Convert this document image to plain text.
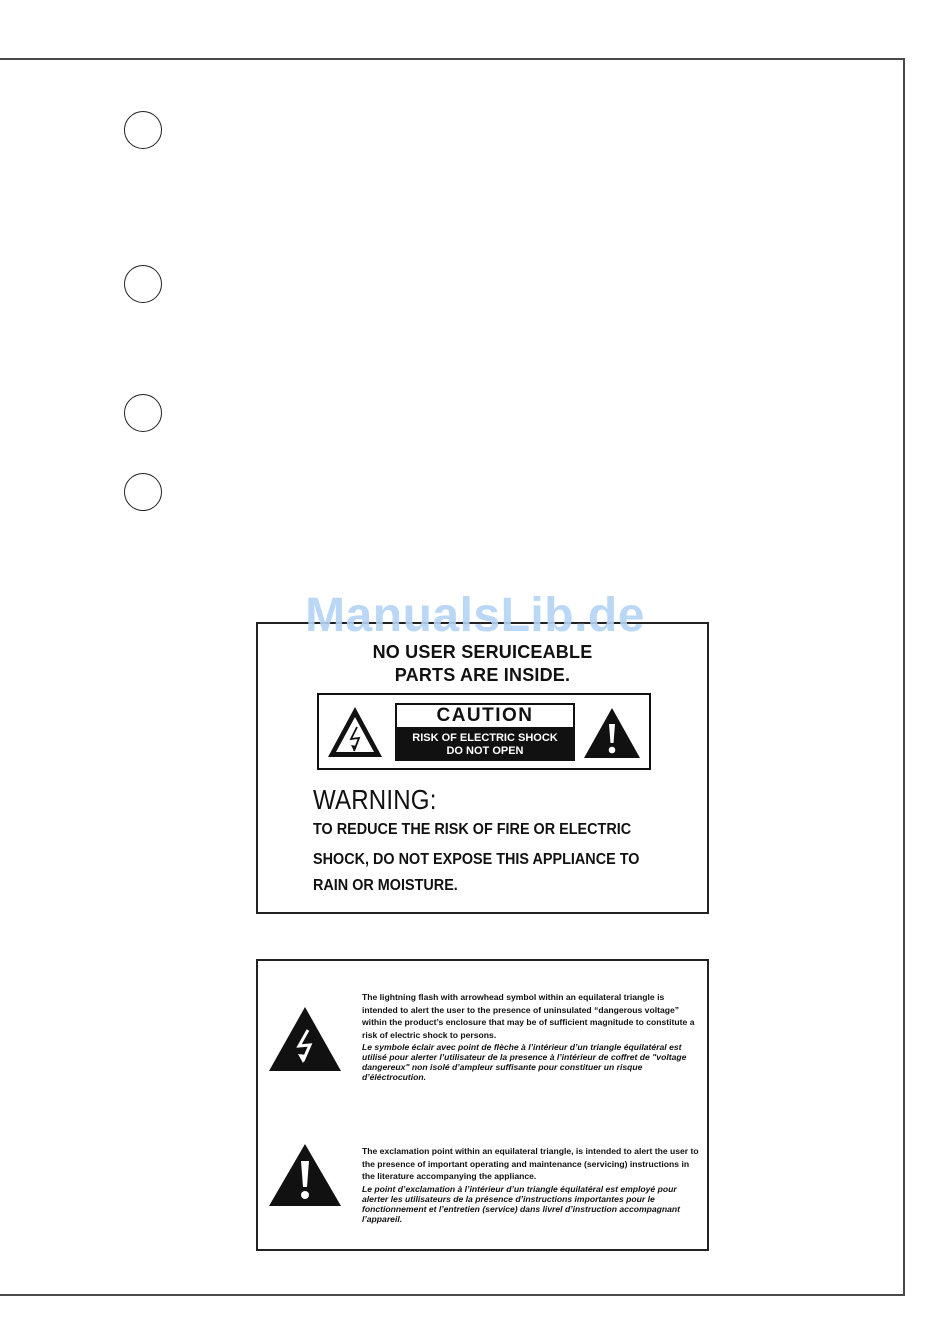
NO USER SERUICEABLE
PARTS ARE INSIDE.
CAUTION
RISK OF ELECTRIC SHOCK
DO NOT OPEN
WARNING:
TO REDUCE THE RISK OF FIRE OR ELECTRIC
SHOCK, DO NOT EXPOSE THIS APPLIANCE TO
RAIN OR MOISTURE.
The lightning flash with arrowhead symbol within an equilateral triangle is intended to alert the user to the presence of uninsulated “dangerous voltage” within the product’s enclosure that may be of sufficient magnitude to constitute a risk of electric shock to persons.
Le symbole éclair avec point de flèche à l’intérieur d’un triangle équilatéral est utilisé pour alerter l’utilisateur de la presence à l’intérieur de coffret de "voltage dangereux" non isolé d’ampleur suffisante pour constituer un risque d’éléctrocution.
The exclamation point within an equilateral triangle, is intended to alert the user to the presence of important operating and maintenance (servicing) instructions in the literature accompanying the appliance.
Le point d’exclamation à l’intérieur d’un triangle équilatéral est employé pour alerter les utilisateurs de la présence d’instructions importantes pour le fonctionnement et l’entretien (service) dans livrel d’instruction accompagnant l’appareil.
ManualsLib.de
